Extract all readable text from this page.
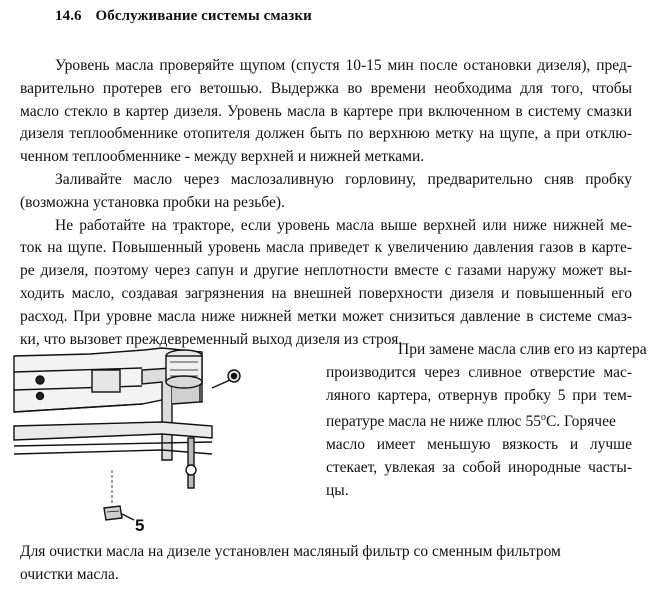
14.6 Обслуживание системы смазки
Уровень масла проверяйте щупом (спустя 10-15 мин после остановки дизеля), пред-
варительно протерев его ветошью. Выдержка во времени необходима для того, чтобы
масло стекло в картер дизеля. Уровень масла в картере при включенном в систему смазки
дизеля теплообменнике отопителя должен быть по верхнюю метку на щупе, а при отклю-
ченном теплообменнике - между верхней и нижней метками.
Заливайте масло через маслозаливную горловину, предварительно сняв пробку
(возможна установка пробки на резьбе).
Не работайте на тракторе, если уровень масла выше верхней или ниже нижней ме-
ток на щупе. Повышенный уровень масла приведет к увеличению давления газов в карте-
ре дизеля, поэтому через сапун и другие неплотности вместе с газами наружу может вы-
ходить масло, создавая загрязнения на внешней поверхности дизеля и повышенный его
расход. При уровне масла ниже нижней метки может снизиться давление в системе смаз-
ки, что вызовет преждевременный выход дизеля из строя.
5
При замене масла слив его из картера
производится через сливное отверстие мас-
ляного картера, отвернув пробку 5 при тем-
пературе масла не ниже плюс 55$^o$С. Горячее
масло имеет меньшую вязкость и лучше
стекает, увлекая за собой инородные часты-
цы.
Для очистки масла на дизеле установлен масляный фильтр со сменным фильтром
очистки масла.
